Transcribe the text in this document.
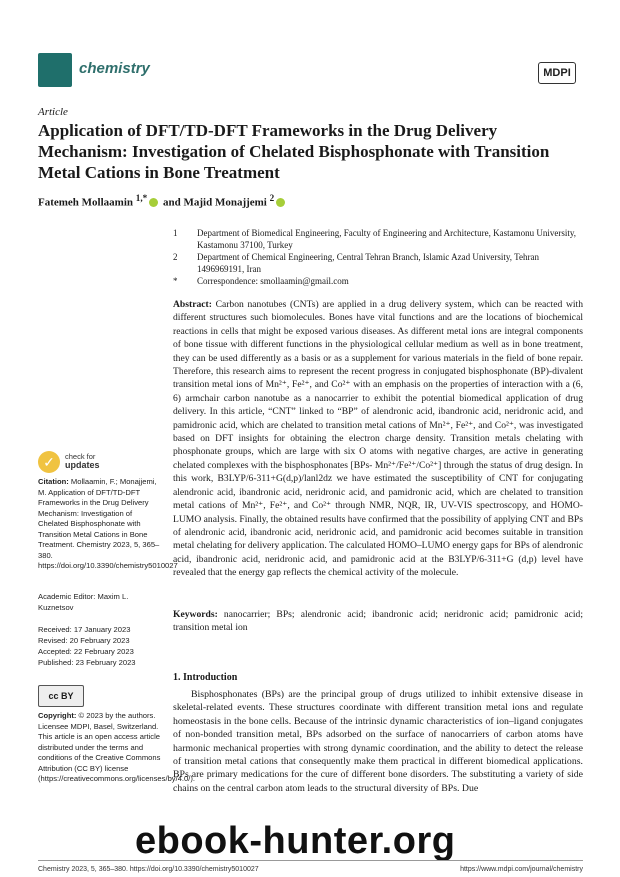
chemistry	MDPI
Article
Application of DFT/TD-DFT Frameworks in the Drug Delivery Mechanism: Investigation of Chelated Bisphosphonate with Transition Metal Cations in Bone Treatment
Fatemeh Mollaamin $^{1,*}$ and Majid Monajjemi $^2$
1 Department of Biomedical Engineering, Faculty of Engineering and Architecture, Kastamonu University, Kastamonu 37100, Turkey
2 Department of Chemical Engineering, Central Tehran Branch, Islamic Azad University, Tehran 1496969191, Iran
* Correspondence: smollaamin@gmail.com
Abstract: Carbon nanotubes (CNTs) are applied in a drug delivery system, which can be reacted with different structures such biomolecules. Bones have vital functions and are the locations of biochemical reactions in cells that might be exposed various diseases. As different metal ions are integral components of bone tissue with different functions in the physiological cellular medium as well as in bone treatment, they can be used differently as a basis or as a supplement for various materials in the field of bone repair. Therefore, this research aims to represent the recent progress in conjugated bisphosphonate (BP)-divalent transition metal ions of Mn²⁺, Fe²⁺, and Co²⁺ with an emphasis on the properties of interaction with a (6, 6) armchair carbon nanotube as a nanocarrier to exhibit the potential biomedical application of drug delivery. In this article, “CNT” linked to “BP” of alendronic acid, ibandronic acid, neridronic acid, and pamidronic acid, which are chelated to transition metal cations of Mn²⁺, Fe²⁺, and Co²⁺, was investigated based on DFT insights for obtaining the electron charge density. Transition metals chelating with phosphonate groups, which are large with six O atoms with negative charges, are active in generating chelated complexes with the bisphosphonates [BPs- Mn²⁺/Fe²⁺/Co²⁺] through the status of drug design. In this work, B3LYP/6-311+G(d,p)/lanl2dz we have estimated the susceptibility of CNT for conjugating alendronic acid, ibandronic acid, neridronic acid, and pamidronic acid, which are chelated to transition metal cations of Mn²⁺, Fe²⁺, and Co²⁺ through NMR, NQR, IR, UV-VIS spectroscopy, and HOMO-LUMO analysis. Finally, the obtained results have confirmed that the possibility of applying CNT and BPs of alendronic acid, ibandronic acid, neridronic acid, and pamidronic acid becomes suitable in transition metal chelating for delivery application. The calculated HOMO–LUMO energy gaps for BPs of alendronic acid, ibandronic acid, neridronic acid, and pamidronic acid at the B3LYP/6-311+G (d,p) level have revealed that the energy gap reflects the chemical activity of the molecule.
Keywords: nanocarrier; BPs; alendronic acid; ibandronic acid; neridronic acid; pamidronic acid; transition metal ion
✓	check for
updates
Citation: Mollaamin, F.; Monajjemi, M. Application of DFT/TD-DFT Frameworks in the Drug Delivery Mechanism: Investigation of Chelated Bisphosphonate with Transition Metal Cations in Bone Treatment. Chemistry 2023, 5, 365–380. https://doi.org/10.3390/chemistry5010027
Academic Editor: Maxim L. Kuznetsov
Received: 17 January 2023
Revised: 20 February 2023
Accepted: 22 February 2023
Published: 23 February 2023
cc BY
Copyright: © 2023 by the authors. Licensee MDPI, Basel, Switzerland. This article is an open access article distributed under the terms and conditions of the Creative Commons Attribution (CC BY) license (https://creativecommons.org/licenses/by/4.0/).
1. Introduction
Bisphosphonates (BPs) are the principal group of drugs utilized to inhibit extensive disease in skeletal-related events. These structures coordinate with different transition metal ions and regulate homeostasis in the bone cells. Because of the intrinsic dynamic characteristics of ion–ligand conjugates of non-bonded transition metal, BPs adsorbed on the surface of nanocarriers of carbon atoms have harmonic mechanical properties with strong dynamic coordination, and the ability to detect the release of transition metal cations that consequently make them practical in different biomedical applications. BPs are primary medications for the cure of different bone disorders. The substituting a variety of side chains on the central carbon atom leads to the structural diversity of BPs. Due
ebook-hunter.org
Chemistry 2023, 5, 365–380. https://doi.org/10.3390/chemistry5010027	https://www.mdpi.com/journal/chemistry
